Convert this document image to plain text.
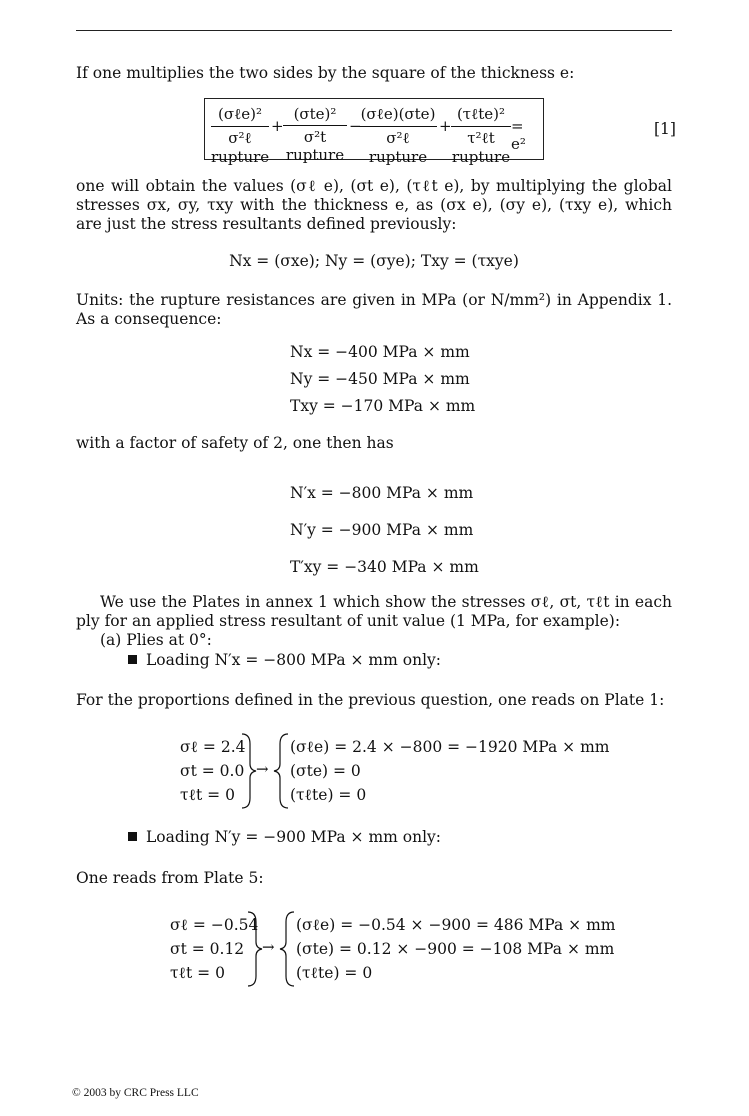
If one multiplies the two sides by the square of the thickness e:
(σℓe)²
σ²ℓ rupture
+
(σte)²
σ²t rupture
−
(σℓe)(σte)
σ²ℓ rupture
+
(τℓte)²
τ²ℓt rupture
= e²
[1]
one will obtain the values (σℓ e), (σt e), (τℓt e), by multiplying the global stresses σx, σy, τxy with the thickness e, as (σx e), (σy e), (τxy e), which are just the stress resultants defined previously:
Nx = (σxe); Ny = (σye); Txy = (τxye)
Units: the rupture resistances are given in MPa (or N/mm²) in Appendix 1. As a consequence:
Nx = −400 MPa × mm
Ny = −450 MPa × mm
Txy = −170 MPa × mm
with a factor of safety of 2, one then has
N′x = −800 MPa × mm
N′y = −900 MPa × mm
T′xy = −340 MPa × mm
We use the Plates in annex 1 which show the stresses σℓ, σt, τℓt in each ply for an applied stress resultant of unit value (1 MPa, for example):
(a) Plies at 0°:
Loading N′x = −800 MPa × mm only:
For the proportions defined in the previous question, one reads on Plate 1:
σℓ = 2.4
σt = 0.0
τℓt = 0
→
(σℓe) = 2.4 × −800 = −1920 MPa × mm
(σte) = 0
(τℓte) = 0
Loading N′y = −900 MPa × mm only:
One reads from Plate 5:
σℓ = −0.54
σt = 0.12
τℓt = 0
→
(σℓe) = −0.54 × −900 = 486 MPa × mm
(σte) = 0.12 × −900 = −108 MPa × mm
(τℓte) = 0
© 2003 by CRC Press LLC
